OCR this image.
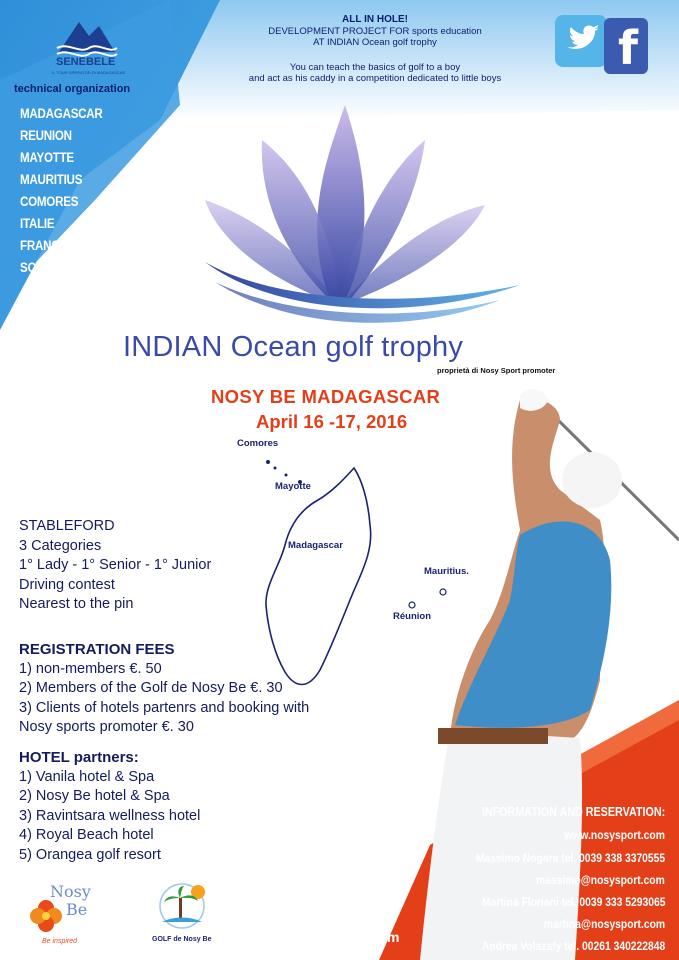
SENEBELE
IL TOUR OPERATOR DI MADAGASCAR
technical organization
MADAGASCAR
REUNION
MAYOTTE
MAURITIUS
COMORES
ITALIE
FRANCE
SOUTH AFRICA
ALL IN HOLE!
DEVELOPMENT PROJECT FOR sports education
AT INDIAN Ocean golf trophy
You can teach the basics of golf to a boy
and act as his caddy in a competition dedicated to little boys
f
INDIAN Ocean golf trophy
proprietà di Nosy Sport promoter
NOSY BE MADAGASCAR
April 16 -17, 2016
Comores
Mayotte
Madagascar
Mauritius.
Réunion
STABLEFORD
3 Categories
1° Lady - 1° Senior - 1° Junior
Driving contest
Nearest to the pin
REGISTRATION FEES
1) non-members €. 50
2) Members of the Golf de Nosy Be €. 30
3) Clients of hotels partenrs and booking with
Nosy sports promoter €. 30
HOTEL partners:
1) Vanila hotel & Spa
2) Nosy Be hotel & Spa
3) Ravintsara wellness hotel
4) Royal Beach hotel
5) Orangea golf resort
INFORMATION AND RESERVATION:
www.nosysport.com
Massimo Nogara tel. 0039 338 3370555
massimo@nosysport.com
Martina Floriani tel. 0039 333 5293065
martina@nosysport.com
Andrea Volazafy tel. 00261 340222848
Nosy
Be
Be inspired	GOLF de Nosy Be
Nosy Sport
promoter
www.nosysport.com
